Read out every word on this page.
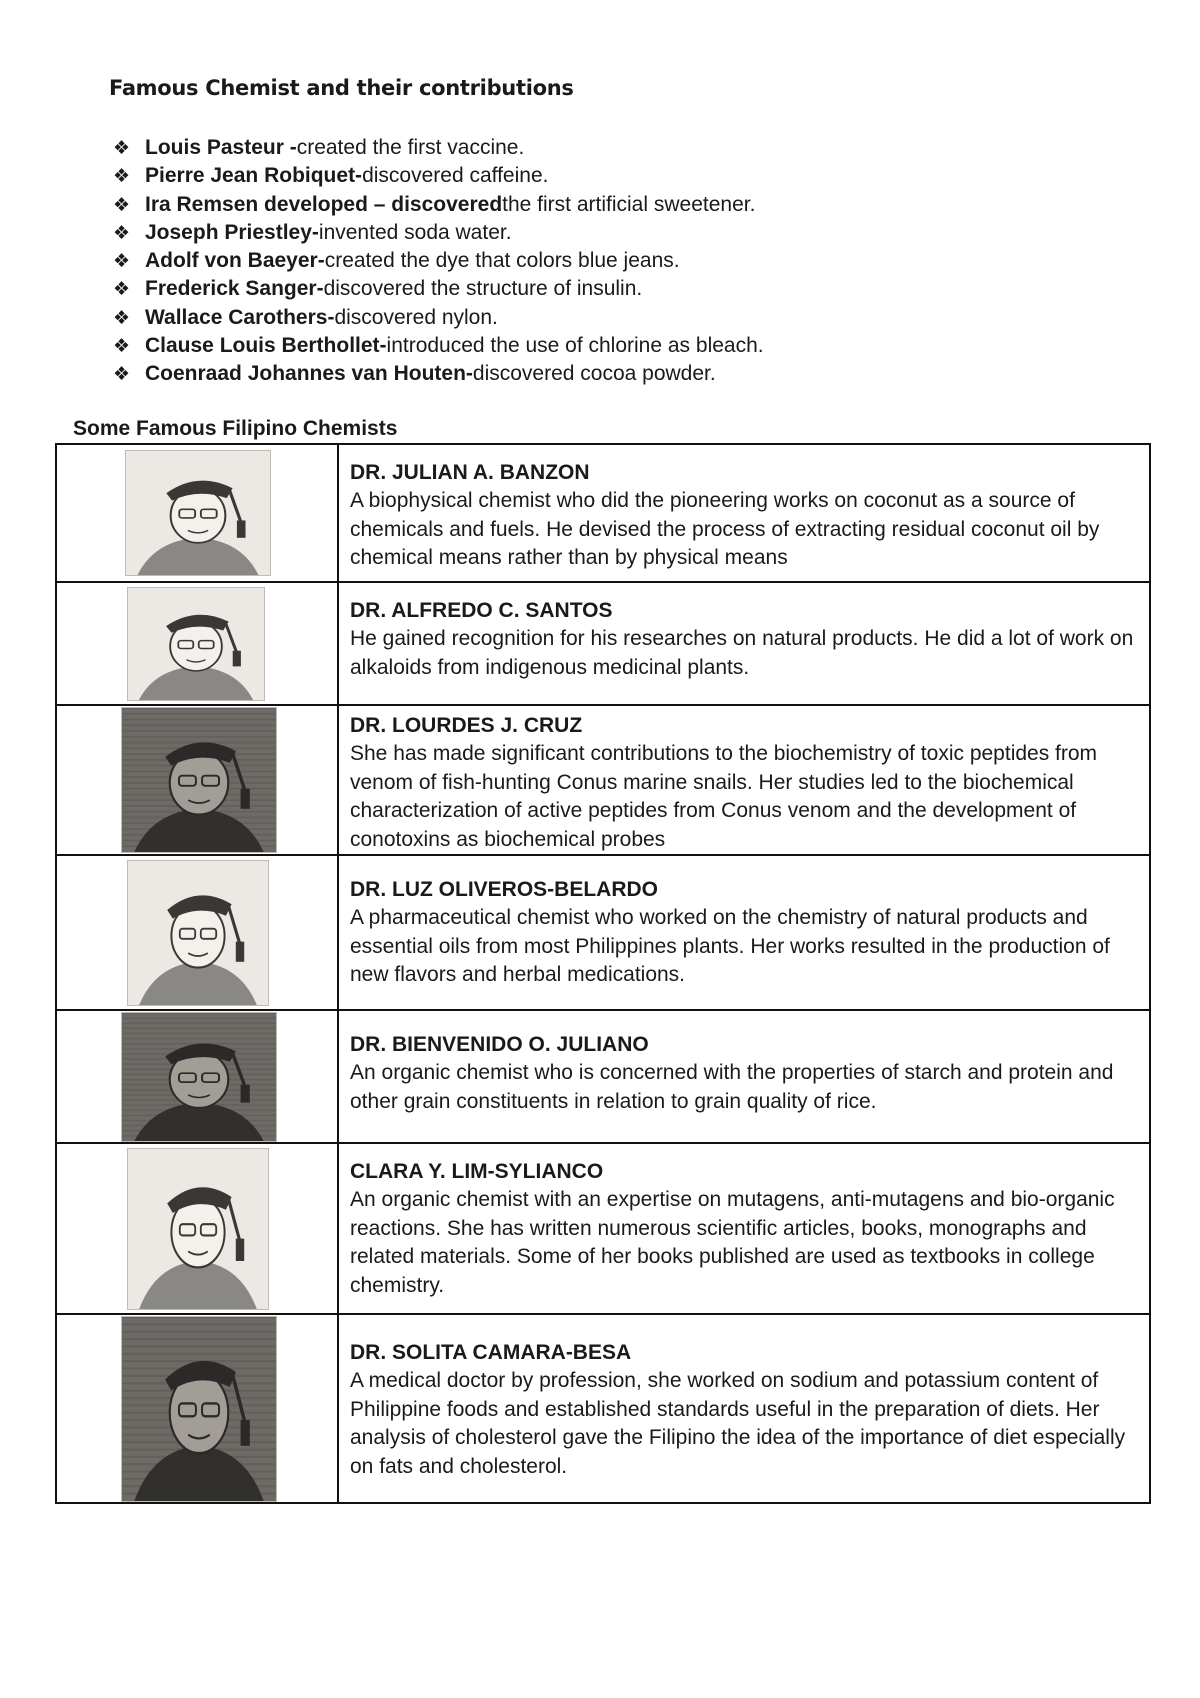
Famous Chemist and their contributions
❖ Louis Pasteur - created the first vaccine.
❖ Pierre Jean Robiquet- discovered caffeine.
❖ Ira Remsen developed – discovered the first artificial sweetener.
❖ Joseph Priestley- invented soda water.
❖ Adolf von Baeyer- created the dye that colors blue jeans.
❖ Frederick Sanger- discovered the structure of insulin.
❖ Wallace Carothers- discovered nylon.
❖ Clause Louis Berthollet- introduced the use of chlorine as bleach.
❖ Coenraad Johannes van Houten- discovered cocoa powder.
Some Famous Filipino Chemists

DR. JULIAN A. BANZON
A biophysical chemist who did the pioneering works on coconut as a source of chemicals and fuels. He devised the process of extracting residual coconut oil by chemical means rather than by physical means

DR. ALFREDO C. SANTOS
He gained recognition for his researches on natural products. He did a lot of work on alkaloids from indigenous medicinal plants.

DR. LOURDES J. CRUZ
She has made significant contributions to the biochemistry of toxic peptides from venom of fish-hunting Conus marine snails. Her studies led to the biochemical characterization of active peptides from Conus venom and the development of conotoxins as biochemical probes

DR. LUZ OLIVEROS-BELARDO
A pharmaceutical chemist who worked on the chemistry of natural products and essential oils from most Philippines plants. Her works resulted in the production of new flavors and herbal medications.

DR. BIENVENIDO O. JULIANO
An organic chemist who is concerned with the properties of starch and protein and other grain constituents in relation to grain quality of rice.

CLARA Y. LIM-SYLIANCO
An organic chemist with an expertise on mutagens, anti-mutagens and bio-organic reactions. She has written numerous scientific articles, books, monographs and related materials. Some of her books published are used as textbooks in college chemistry.

DR. SOLITA CAMARA-BESA
A medical doctor by profession, she worked on sodium and potassium content of Philippine foods and established standards useful in the preparation of diets. Her analysis of cholesterol gave the Filipino the idea of the importance of diet especially on fats and cholesterol.
